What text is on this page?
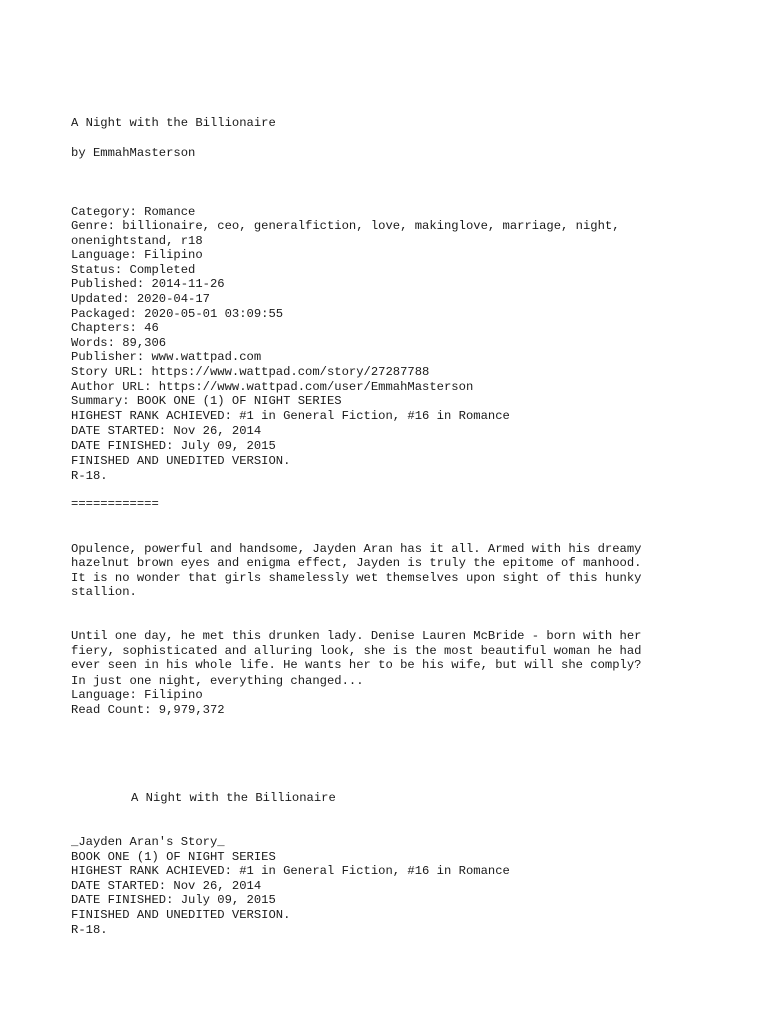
A Night with the Billionaire

by EmmahMasterson

Category: Romance

Genre: billionaire, ceo, generalfiction, love, makinglove, marriage, night,

onenightstand, r18

Language: Filipino

Status: Completed

Published: 2014-11-26

Updated: 2020-04-17

Packaged: 2020-05-01 03:09:55

Chapters: 46

Words: 89,306

Publisher: www.wattpad.com

Story URL: https://www.wattpad.com/story/27287788

Author URL: https://www.wattpad.com/user/EmmahMasterson

Summary: BOOK ONE (1) OF NIGHT SERIES

HIGHEST RANK ACHIEVED: #1 in General Fiction, #16 in Romance

DATE STARTED: Nov 26, 2014

DATE FINISHED: July 09, 2015

FINISHED AND UNEDITED VERSION.

R-18.

============

Opulence, powerful and handsome, Jayden Aran has it all. Armed with his dreamy

hazelnut brown eyes and enigma effect, Jayden is truly the epitome of manhood.

It is no wonder that girls shamelessly wet themselves upon sight of this hunky

stallion.

Until one day, he met this drunken lady. Denise Lauren McBride - born with her

fiery, sophisticated and alluring look, she is the most beautiful woman he had

ever seen in his whole life. He wants her to be his wife, but will she comply?

In just one night, everything changed...

Language: Filipino

Read Count: 9,979,372

A Night with the Billionaire

_Jayden Aran's Story_

BOOK ONE (1) OF NIGHT SERIES

HIGHEST RANK ACHIEVED: #1 in General Fiction, #16 in Romance

DATE STARTED: Nov 26, 2014

DATE FINISHED: July 09, 2015

FINISHED AND UNEDITED VERSION.

R-18.
